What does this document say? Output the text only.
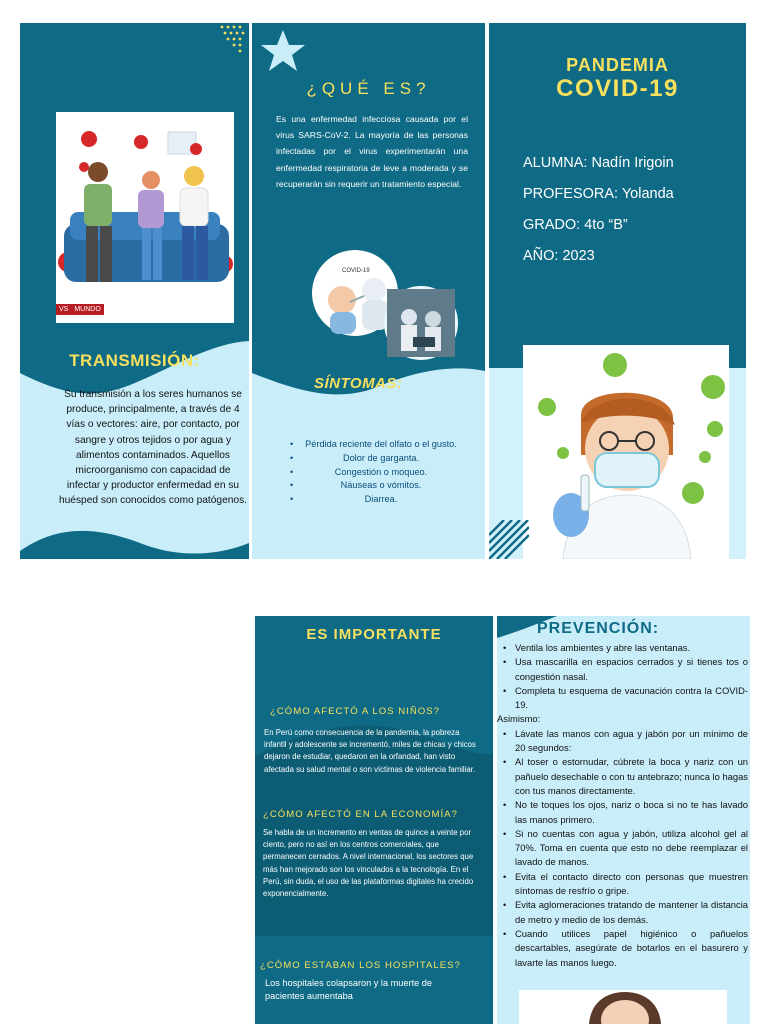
VS MUNDO
TRANSMISIÓN:
Su transmisión a los seres humanos se produce, principalmente, a través de 4 vías o vectores: aire, por contacto, por sangre y otros tejidos o por agua y alimentos contaminados. Aquellos microorganismo con capacidad de infectar y productor enfermedad en su huésped son conocidos como patógenos.
¿QUÉ ES?
Es una enfermedad infecciosa causada por el virus SARS-CoV-2. La mayoría de las personas infectadas por el virus experimentarán una enfermedad respiratoria de leve a moderada y se recuperarán sin requerir un tratamiento especial.
COVID-19
SÍNTOMAS:
• Pérdida reciente del olfato o el gusto.
• Dolor de garganta.
• Congestión o moqueo.
• Náuseas o vómitos.
• Diarrea.
PANDEMIA
COVID-19
ALUMNA: Nadín Irigoin
PROFESORA: Yolanda
GRADO: 4to “B”
AÑO: 2023
ES IMPORTANTE
¿CÓMO AFECTÓ A LOS NIÑOS?
En Perú como consecuencia de la pandemia, la pobreza infantil y adolescente se incrementó, miles de chicas y chicos dejaron de estudiar, quedaron en la orfandad, han visto afectada su salud mental o son víctimas de violencia familiar.
¿CÓMO AFECTÓ EN LA ECONOMÍA?
Se habla de un incremento en ventas de quince a veinte por ciento, pero no así en los centros comerciales, que permanecen cerrados. A nivel internacional, los sectores que más han mejorado son los vinculados a la tecnología. En el Perú, sin duda, el uso de las plataformas digitales ha crecido exponencialmente.
¿CÓMO ESTABAN LOS HOSPITALES?
Los hospitales colapsaron y la muerte de pacientes aumentaba
PREVENCIÓN:
• Ventila los ambientes y abre las ventanas.
• Usa mascarilla en espacios cerrados y si tienes tos o congestión nasal.
• Completa tu esquema de vacunación contra la COVID-19.
Asimismo:
• Lávate las manos con agua y jabón por un mínimo de 20 segundos:
• Al toser o estornudar, cúbrete la boca y nariz con un pañuelo desechable o con tu antebrazo; nunca lo hagas con tus manos directamente.
• No te toques los ojos, nariz o boca si no te has lavado las manos primero.
• Si no cuentas con agua y jabón, utiliza alcohol gel al 70%. Toma en cuenta que esto no debe reemplazar el lavado de manos.
• Evita el contacto directo con personas que muestren síntomas de resfrío o gripe.
• Evita aglomeraciones tratando de mantener la distancia de metro y medio de los demás.
• Cuando utilices papel higiénico o pañuelos descartables, asegúrate de botarlos en el basurero y lavarte las manos luego.
